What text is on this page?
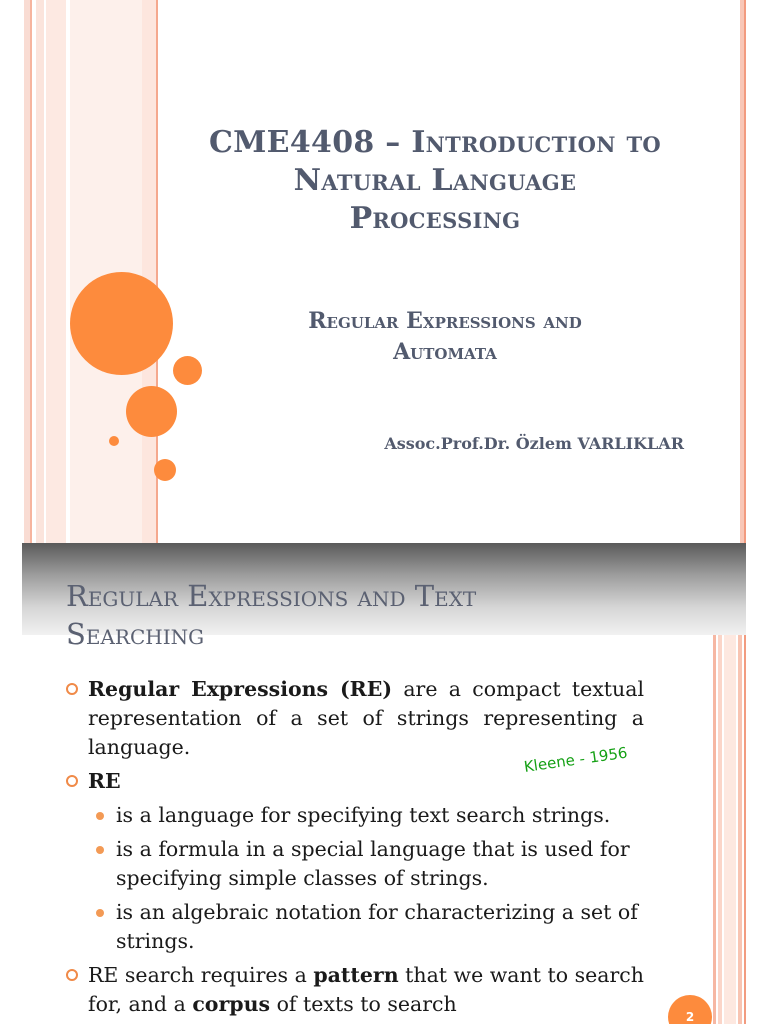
CME4408 – Introduction to
Natural Language
Processing
Regular Expressions and
Automata
Assoc.Prof.Dr. Özlem VARLIKLAR
Regular Expressions and Text
Searching
Regular Expressions (RE) are a compact textual representation of a set of strings representing a language.
RE
is a language for specifying text search strings.
is a formula in a special language that is used for specifying simple classes of strings.
is an algebraic notation for characterizing a set of strings.
RE search requires a pattern that we want to search for, and a corpus of texts to search
Kleene - 1956
2
